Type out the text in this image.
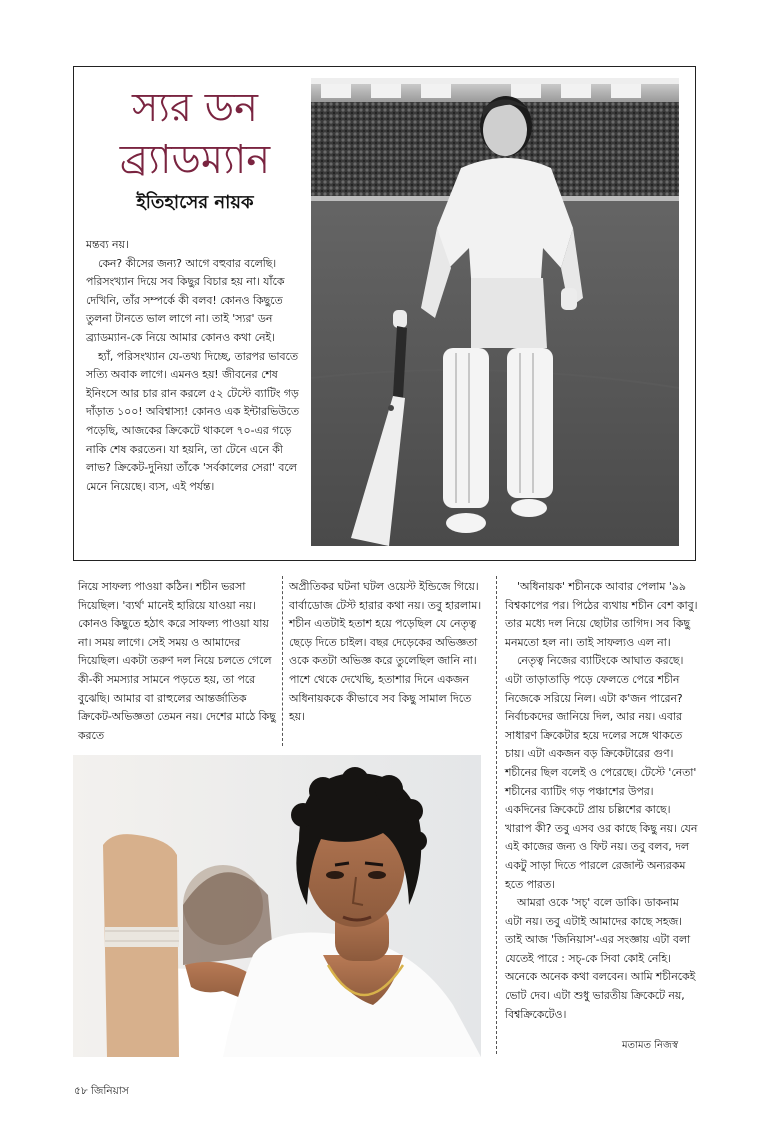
স্যর ডন
ব্র্যাডম্যান
ইতিহাসের নায়ক

মন্তব্য নয়।

কেন? কীসের জন্য? আগে বহুবার বলেছি। পরিসংখ্যান দিয়ে সব কিছুর বিচার হয় না। যাঁকে দেখিনি, তাঁর সম্পর্কে কী বলব! কোনও কিছুতে তুলনা টানতে ভাল লাগে না। তাই 'স্যর' ডন ব্র্যাডম্যান-কে নিয়ে আমার কোনও কথা নেই।

হ্যাঁ, পরিসংখ্যান যে-তথ্য দিচ্ছে, তারপর ভাবতে সত্যি অবাক লাগে। এমনও হয়! জীবনের শেষ ইনিংসে আর চার রান করলে ৫২ টেস্টে ব্যাটিং গড় দাঁড়াত ১০০! অবিশ্বাস্য! কোনও এক ইন্টারভিউতে পড়েছি, আজকের ক্রিকেটে থাকলে ৭০-এর গড়ে নাকি শেষ করতেন। যা হয়নি, তা টেনে এনে কী লাভ? ক্রিকেট-দুনিয়া তাঁকে 'সর্বকালের সেরা' বলে মেনে নিয়েছে। ব্যস, এই পর্যন্ত।

নিয়ে সাফল্য পাওয়া কঠিন। শচীন ভরসা দিয়েছিল। 'ব্যর্থ' মানেই হারিয়ে যাওয়া নয়। কোনও কিছুতে হঠাৎ করে সাফল্য পাওয়া যায় না। সময় লাগে। সেই সময় ও আমাদের দিয়েছিল। একটা তরুণ দল নিয়ে চলতে গেলে কী-কী সমস্যার সামনে পড়তে হয়, তা পরে বুঝেছি। আমার বা রাহুলের আন্তর্জাতিক ক্রিকেট-অভিজ্ঞতা তেমন নয়। দেশের মাঠে কিছু করতে

অপ্রীতিকর ঘটনা ঘটল ওয়েস্ট ইন্ডিজে গিয়ে। বার্বাডোজ টেস্ট হারার কথা নয়। তবু হারলাম। শচীন এতটাই হতাশ হয়ে পড়েছিল যে নেতৃত্ব ছেড়ে দিতে চাইল। বছর দেড়েকের অভিজ্ঞতা ওকে কতটা অভিজ্ঞ করে তুলেছিল জানি না। পাশে থেকে দেখেছি, হতাশার দিনে একজন অধিনায়ককে কীভাবে সব কিছু সামাল দিতে হয়।

'অধিনায়ক' শচীনকে আবার পেলাম '৯৯ বিশ্বকাপের পর। পিঠের ব্যথায় শচীন বেশ কাবু। তার মধ্যে দল নিয়ে ছোটার তাগিদ। সব কিছু মনমতো হল না। তাই সাফল্যও এল না।

নেতৃত্ব নিজের ব্যাটিংকে আঘাত করছে। এটা তাড়াতাড়ি পড়ে ফেলতে পেরে শচীন নিজেকে সরিয়ে নিল। এটা ক'জন পারেন? নির্বাচকদের জানিয়ে দিল, আর নয়। এবার সাধারণ ক্রিকেটার হয়ে দলের সঙ্গে থাকতে চায়। এটা একজন বড় ক্রিকেটারের গুণ। শচীনের ছিল বলেই ও পেরেছে। টেস্টে 'নেতা' শচীনের ব্যাটিং গড় পঞ্চাশের উপর। একদিনের ক্রিকেটে প্রায় চল্লিশের কাছে। খারাপ কী? তবু এসব ওর কাছে কিছু নয়। যেন এই কাজের জন্য ও ফিট নয়। তবু বলব, দল একটু সাড়া দিতে পারলে রেজাল্ট অন্যরকম হতে পারত।

আমরা ওকে 'সচ্' বলে ডাকি। ডাকনাম এটা নয়। তবু এটাই আমাদের কাছে সহজ। তাই আজ 'জিনিয়াস'-এর সংজ্ঞায় এটা বলা যেতেই পারে : সচ্-কে সিবা কোই নেহি। অনেকে অনেক কথা বলবেন। আমি শচীনকেই ভোট দেব। এটা শুধু ভারতীয় ক্রিকেটে নয়, বিশ্বক্রিকেটেও।

মতামত নিজস্ব
৫৮ জিনিয়াস
